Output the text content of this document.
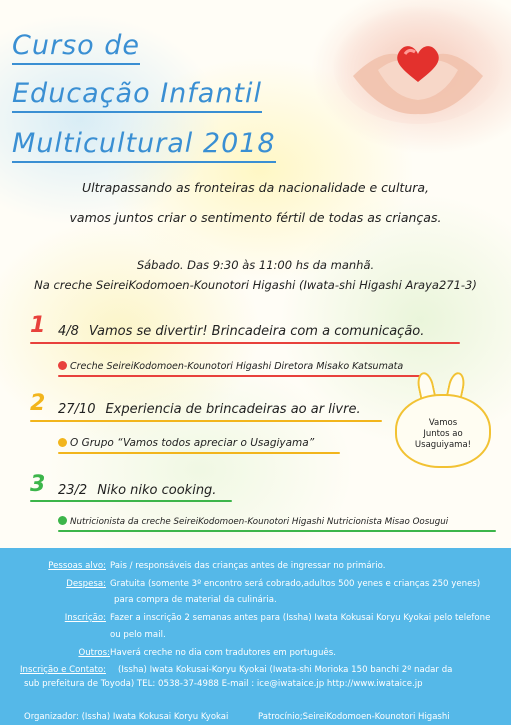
Curso de
Educação Infantil
Multicultural 2018
Ultrapassando as fronteiras da nacionalidade e cultura,
vamos juntos criar o sentimento fértil de todas as crianças.
Sábado. Das 9:30 às 11:00 hs da manhã.
Na creche SeireiKodomoen-Kounotori Higashi (Iwata-shi Higashi Araya271-3)
1 4/8 Vamos se divertir! Brincadeira com a comunicação.
Creche SeireiKodomoen-Kounotori Higashi Diretora Misako Katsumata
2 27/10 Experiencia de brincadeiras ao ar livre.
O Grupo “Vamos todos apreciar o Usagiyama”
Vamos
Juntos ao
Usaguiyama!
3 23/2 Niko niko cooking.
Nutricionista da creche SeireiKodomoen-Kounotori Higashi Nutricionista Misao Oosugui
Pessoas alvo: Pais / responsáveis das crianças antes de ingressar no primário.
Despesa: Gratuita (somente 3º encontro será cobrado,adultos 500 yenes e crianças 250 yenes)
para compra de material da culinária.
Inscrição: Fazer a inscrição 2 semanas antes para (Issha) Iwata Kokusai Koryu Kyokai pelo telefone
ou pelo mail.
Outros: Haverá creche no dia com tradutores em português.
Inscrição e Contato:	(Issha) Iwata Kokusai-Koryu Kyokai (Iwata-shi Morioka 150 banchi 2º nadar da
sub prefeitura de Toyoda) TEL: 0538-37-4988 E-mail : ice@iwataice.jp http://www.iwataice.jp
Organizador: (Issha) Iwata Kokusai Koryu Kyokai	Patrocínio;SeireiKodomoen-Kounotori Higashi
